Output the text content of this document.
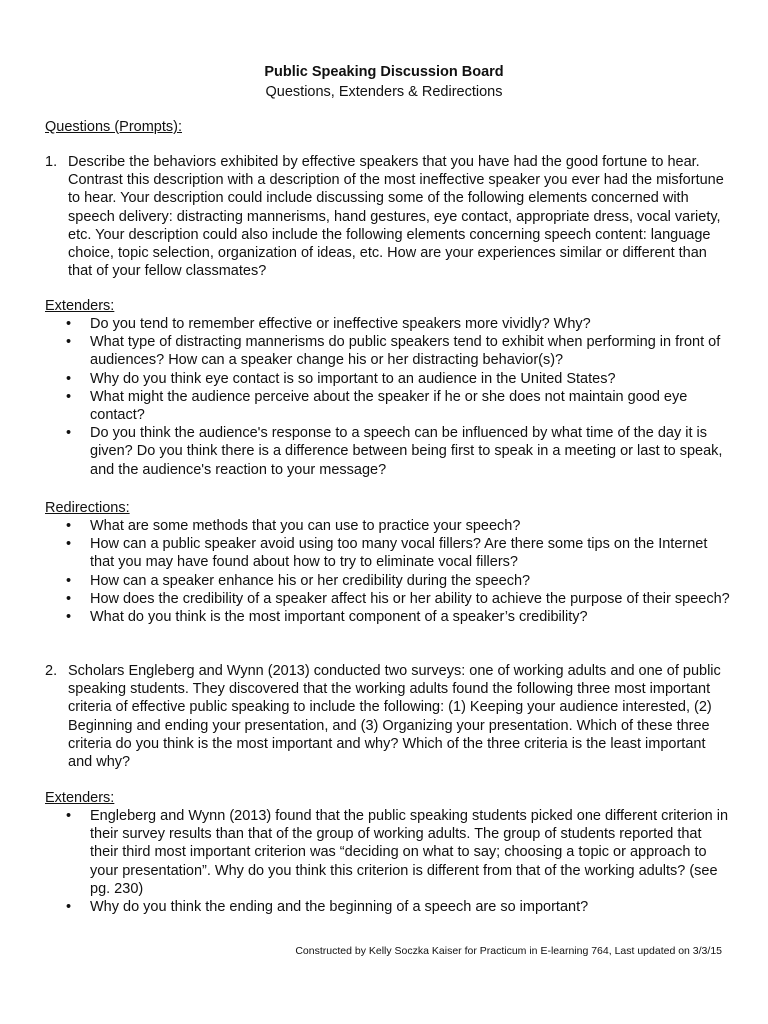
Public Speaking Discussion Board
Questions, Extenders & Redirections
Questions (Prompts):
1. Describe the behaviors exhibited by effective speakers that you have had the good fortune to hear. Contrast this description with a description of the most ineffective speaker you ever had the misfortune to hear. Your description could include discussing some of the following elements concerned with speech delivery: distracting mannerisms, hand gestures, eye contact, appropriate dress, vocal variety, etc. Your description could also include the following elements concerning speech content: language choice, topic selection, organization of ideas, etc. How are your experiences similar or different than that of your fellow classmates?
Extenders:
• Do you tend to remember effective or ineffective speakers more vividly? Why?
• What type of distracting mannerisms do public speakers tend to exhibit when performing in front of audiences? How can a speaker change his or her distracting behavior(s)?
• Why do you think eye contact is so important to an audience in the United States?
• What might the audience perceive about the speaker if he or she does not maintain good eye contact?
• Do you think the audience's response to a speech can be influenced by what time of the day it is given? Do you think there is a difference between being first to speak in a meeting or last to speak, and the audience's reaction to your message?
Redirections:
• What are some methods that you can use to practice your speech?
• How can a public speaker avoid using too many vocal fillers? Are there some tips on the Internet that you may have found about how to try to eliminate vocal fillers?
• How can a speaker enhance his or her credibility during the speech?
• How does the credibility of a speaker affect his or her ability to achieve the purpose of their speech?
• What do you think is the most important component of a speaker’s credibility?
2. Scholars Engleberg and Wynn (2013) conducted two surveys: one of working adults and one of public speaking students. They discovered that the working adults found the following three most important criteria of effective public speaking to include the following: (1) Keeping your audience interested, (2) Beginning and ending your presentation, and (3) Organizing your presentation. Which of these three criteria do you think is the most important and why? Which of the three criteria is the least important and why?
Extenders:
• Engleberg and Wynn (2013) found that the public speaking students picked one different criterion in their survey results than that of the group of working adults. The group of students reported that their third most important criterion was “deciding on what to say; choosing a topic or approach to your presentation”. Why do you think this criterion is different from that of the working adults? (see pg. 230)
• Why do you think the ending and the beginning of a speech are so important?
Constructed by Kelly Soczka Kaiser for Practicum in E-learning 764, Last updated on 3/3/15
